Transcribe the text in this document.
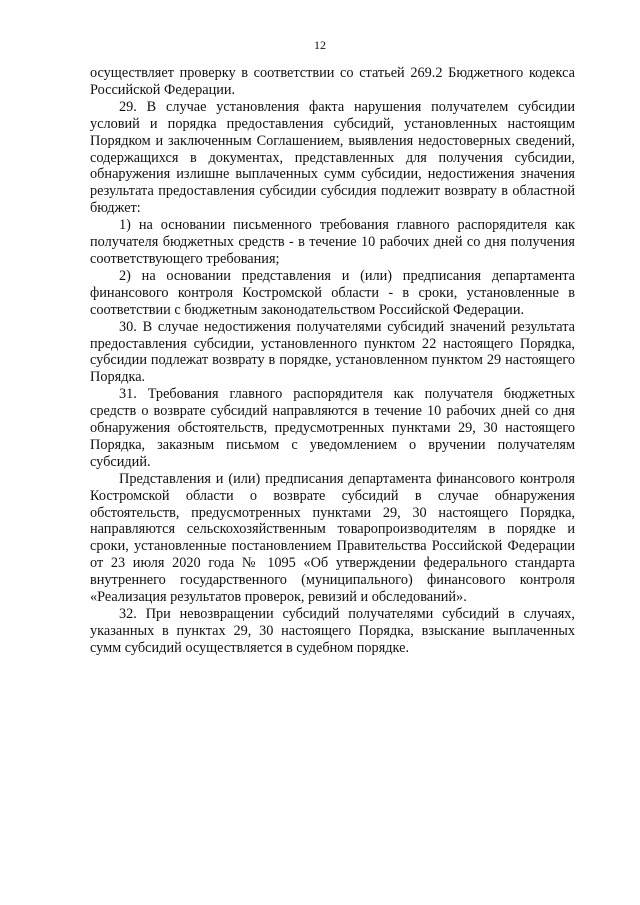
12

осуществляет проверку в соответствии со статьей 269.2 Бюджетного кодекса Российской Федерации.

29. В случае установления факта нарушения получателем субсидии условий и порядка предоставления субсидий, установленных настоящим Порядком и заключенным Соглашением, выявления недостоверных сведений, содержащихся в документах, представленных для получения субсидии, обнаружения излишне выплаченных сумм субсидии, недостижения значения результата предоставления субсидии субсидия подлежит возврату в областной бюджет:

1) на основании письменного требования главного распорядителя как получателя бюджетных средств - в течение 10 рабочих дней со дня получения соответствующего требования;

2) на основании представления и (или) предписания департамента финансового контроля Костромской области - в сроки, установленные в соответствии с бюджетным законодательством Российской Федерации.

30. В случае недостижения получателями субсидий значений результата предоставления субсидии, установленного пунктом 22 настоящего Порядка, субсидии подлежат возврату в порядке, установленном пунктом 29 настоящего Порядка.

31. Требования главного распорядителя как получателя бюджетных средств о возврате субсидий направляются в течение 10 рабочих дней со дня обнаружения обстоятельств, предусмотренных пунктами 29, 30 настоящего Порядка, заказным письмом с уведомлением о вручении получателям субсидий.

Представления и (или) предписания департамента финансового контроля Костромской области о возврате субсидий в случае обнаружения обстоятельств, предусмотренных пунктами 29, 30 настоящего Порядка, направляются сельскохозяйственным товаропроизводителям в порядке и сроки, установленные постановлением Правительства Российской Федерации от 23 июля 2020 года № 1095 «Об утверждении федерального стандарта внутреннего государственного (муниципального) финансового контроля «Реализация результатов проверок, ревизий и обследований».

32. При невозвращении субсидий получателями субсидий в случаях, указанных в пунктах 29, 30 настоящего Порядка, взыскание выплаченных сумм субсидий осуществляется в судебном порядке.
